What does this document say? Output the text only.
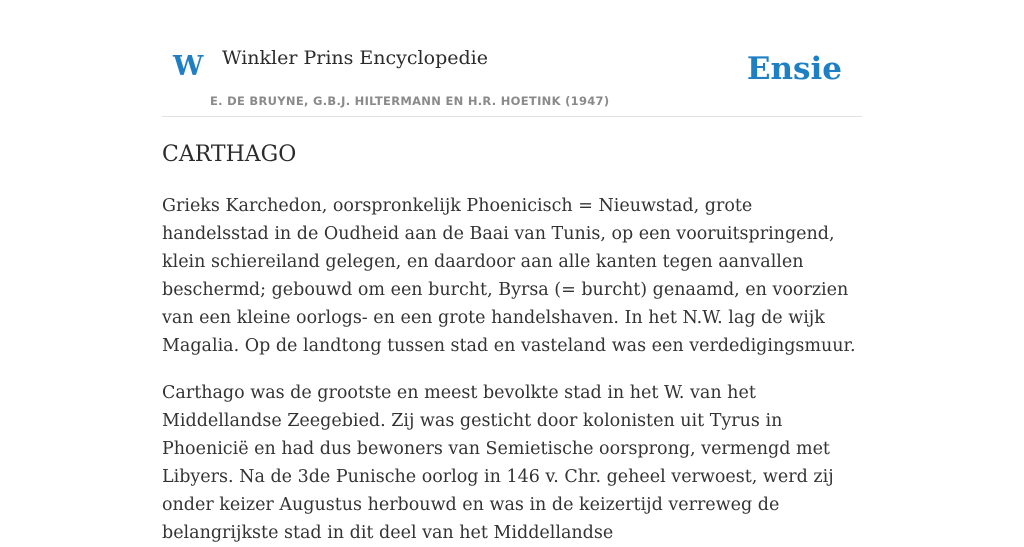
W Winkler Prins Encyclopedie
E. DE BRUYNE, G.B.J. HILTERMANN EN H.R. HOETINK (1947)
Ensie
CARTHAGO

Grieks Karchedon, oorspronkelijk Phoenicisch = Nieuwstad, grote handelsstad in de Oudheid aan de Baai van Tunis, op een vooruitspringend, klein schiereiland gelegen, en daardoor aan alle kanten tegen aanvallen beschermd; gebouwd om een burcht, Byrsa (= burcht) genaamd, en voorzien van een kleine oorlogs- en een grote handelshaven. In het N.W. lag de wijk Magalia. Op de landtong tussen stad en vasteland was een verdedigingsmuur.

Carthago was de grootste en meest bevolkte stad in het W. van het Middellandse Zeegebied. Zij was gesticht door kolonisten uit Tyrus in Phoenicië en had dus bewoners van Semietische oorsprong, vermengd met Libyers. Na de 3de Punische oorlog in 146 v. Chr. geheel verwoest, werd zij onder keizer Augustus herbouwd en was in de keizertijd verreweg de belangrijkste stad in dit deel van het Middellandse
